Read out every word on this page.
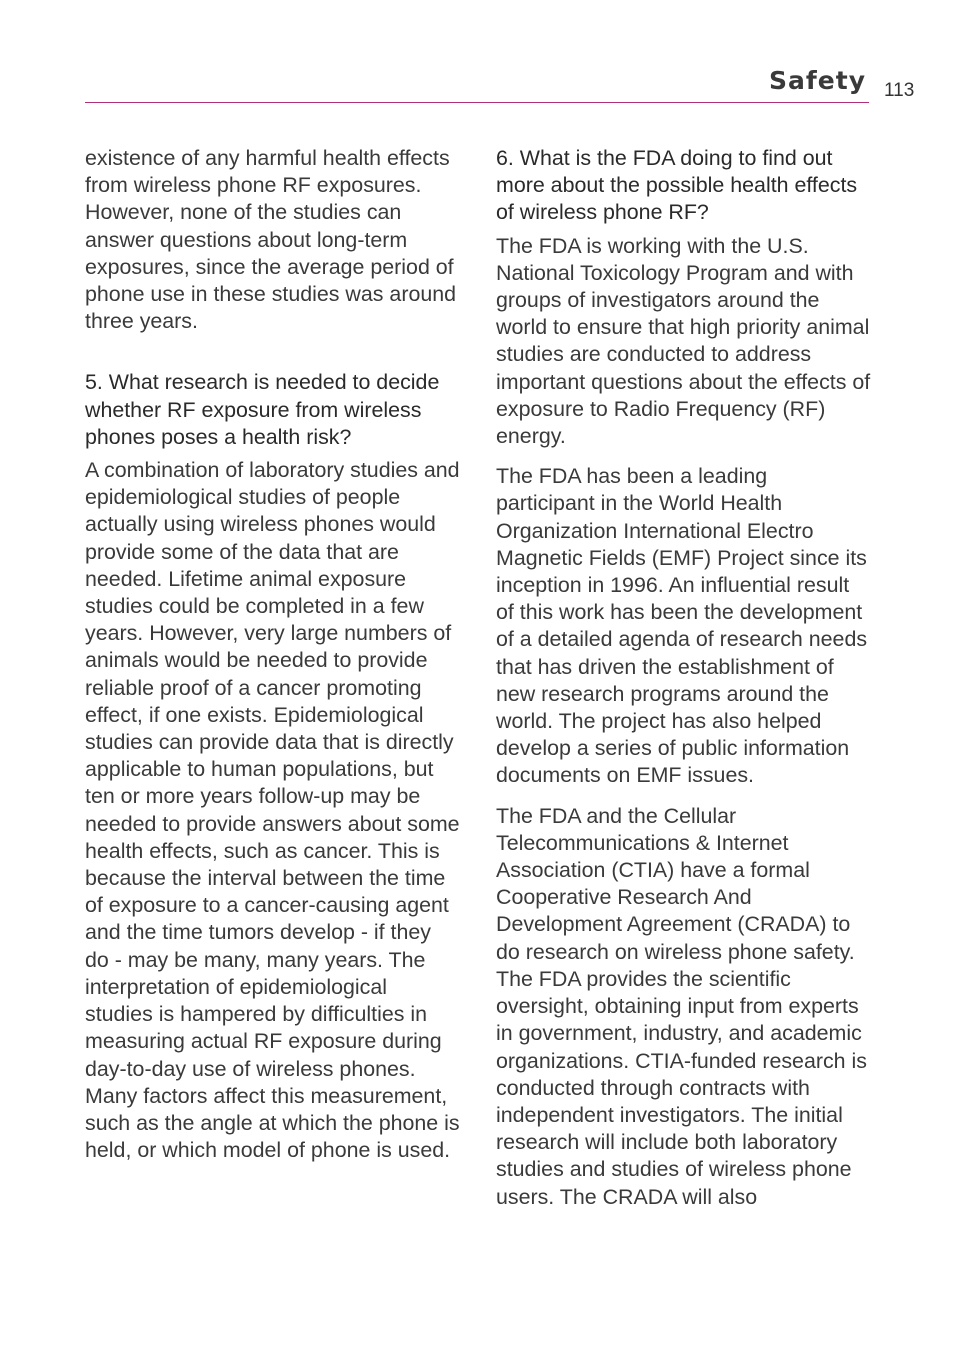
Safety 113

existence of any harmful health effects from wireless phone RF exposures. However, none of the studies can answer questions about long-term exposures, since the average period of phone use in these studies was around three years.

5. What research is needed to decide whether RF exposure from wireless phones poses a health risk?

A combination of laboratory studies and epidemiological studies of people actually using wireless phones would provide some of the data that are needed. Lifetime animal exposure studies could be completed in a few years. However, very large numbers of animals would be needed to provide reliable proof of a cancer promoting effect, if one exists. Epidemiological studies can provide data that is directly applicable to human populations, but ten or more years follow-up may be needed to provide answers about some health effects, such as cancer. This is because the interval between the time of exposure to a cancer-causing agent and the time tumors develop - if they do - may be many, many years. The interpretation of epidemiological studies is hampered by difficulties in measuring actual RF exposure during day-to-day use of wireless phones. Many factors affect this measurement, such as the angle at which the phone is held, or which model of phone is used.

6. What is the FDA doing to find out more about the possible health effects of wireless phone RF?

The FDA is working with the U.S. National Toxicology Program and with groups of investigators around the world to ensure that high priority animal studies are conducted to address important questions about the effects of exposure to Radio Frequency (RF) energy.

The FDA has been a leading participant in the World Health Organization International Electro Magnetic Fields (EMF) Project since its inception in 1996. An influential result of this work has been the development of a detailed agenda of research needs that has driven the establishment of new research programs around the world. The project has also helped develop a series of public information documents on EMF issues.

The FDA and the Cellular Telecommunications & Internet Association (CTIA) have a formal Cooperative Research And Development Agreement (CRADA) to do research on wireless phone safety. The FDA provides the scientific oversight, obtaining input from experts in government, industry, and academic organizations. CTIA-funded research is conducted through contracts with independent investigators. The initial research will include both laboratory studies and studies of wireless phone users. The CRADA will also
